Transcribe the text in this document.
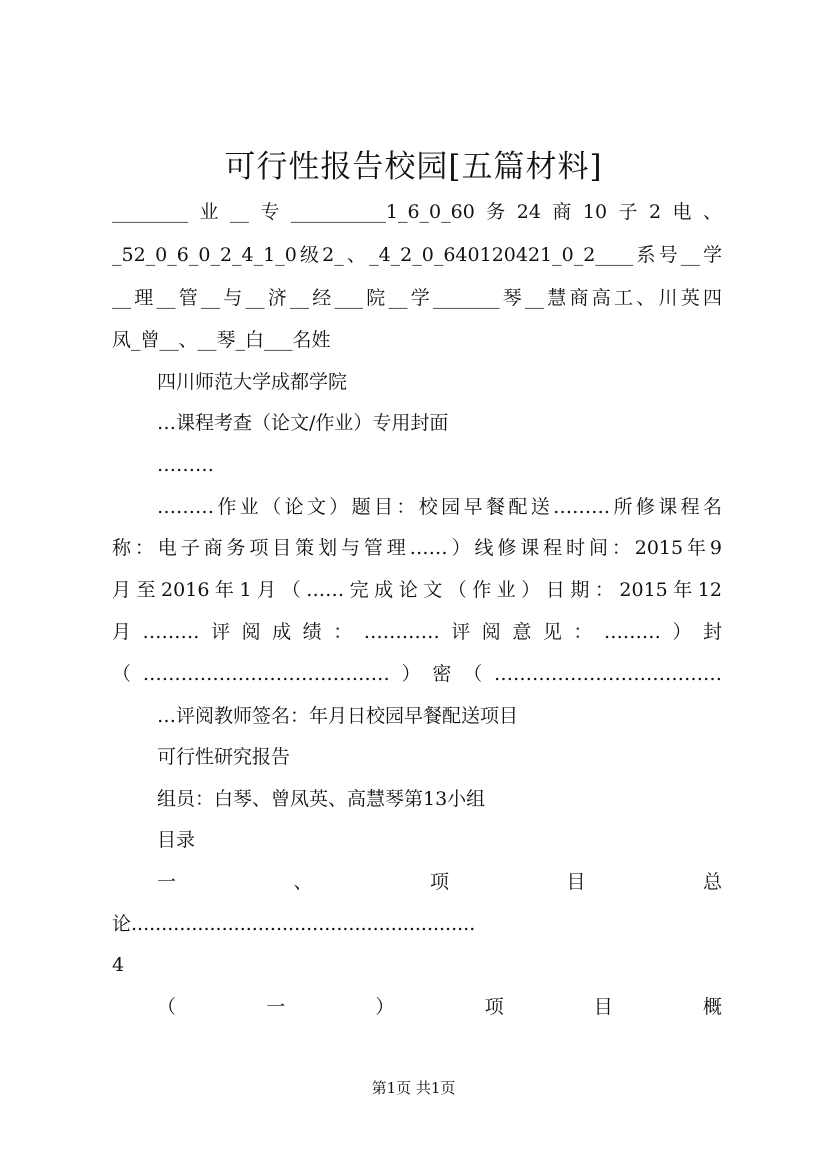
可行性报告校园[五篇材料]
________业__专__________1_6_0_60务24商10子2电、
_52_0_6_0_2_4_1_0级2_、_4_2_0_640120421_0_2____系号__学
__理__管__与__济__经___院__学_______琴__慧商高工、川英四
凤_曾__、__琴_白___名姓
四川师范大学成都学院
…课程考查（论文/作业）专用封面
………
………作业（论文）题目：校园早餐配送………所修课程名
称：电子商务项目策划与管理……）线修课程时间：2015年9
月至2016年1月（……完成论文（作业）日期：2015年12
月………评阅成绩：…………评阅意见：………）封
（…………………………………）密（………………………………
…评阅教师签名：年月日校园早餐配送项目
可行性研究报告
组员：白琴、曾凤英、高慧琴第13小组
目录
一 、 项 目 总
论.........................................................
4
（ 一 ） 项 目 概
第1页 共1页
